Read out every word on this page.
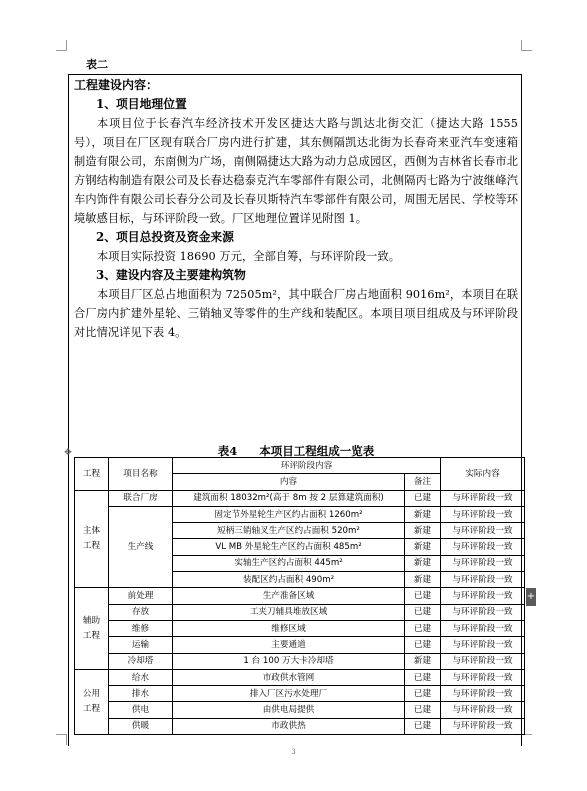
表二

工程建设内容：

1、项目地理位置

本项目位于长春汽车经济技术开发区捷达大路与凯达北街交汇（捷达大路 1555 号），项目在厂区现有联合厂房内进行扩建，其东侧隔凯达北街为长春奇来亚汽车变速箱制造有限公司，东南侧为广场，南侧隔捷达大路为动力总成园区，西侧为吉林省长春市北方钢结构制造有限公司及长春达稳泰克汽车零部件有限公司，北侧隔丙七路为宁波继峰汽车内饰件有限公司长春分公司及长春贝斯特汽车零部件有限公司，周围无居民、学校等环境敏感目标，与环评阶段一致。厂区地理位置详见附图 1。

2、项目总投资及资金来源

本项目实际投资 18690 万元，全部自筹，与环评阶段一致。

3、建设内容及主要建构筑物

本项目厂区总占地面积为 72505m²，其中联合厂房占地面积 9016m²，本项目在联合厂房内扩建外星轮、三销轴叉等零件的生产线和装配区。本项目项目组成及与环评阶段对比情况详见下表 4。

✥	表4 本项目工程组成一览表
工程	项目名称	环评阶段内容		实际内容
		内容	备注	
主体工程	联合厂房	建筑面积 18032m²(高于 8m 按 2 层算建筑面积)	已建	与环评阶段一致
	生产线	固定节外星轮生产区约占面积 1260m²	新建	与环评阶段一致
		短柄三销轴叉生产区约占面积 520m²	新建	与环评阶段一致
		VL MB 外星轮生产区约占面积 485m²	新建	与环评阶段一致
		实轴生产区约占面积 445m²	新建	与环评阶段一致
		装配区约占面积 490m²	新建	与环评阶段一致
辅助工程	前处理	生产准备区域	已建	与环评阶段一致
	存放	工夹刀辅具堆放区域	已建	与环评阶段一致
	维修	维修区域	已建	与环评阶段一致
	运输	主要通道	已建	与环评阶段一致
	冷却塔	1 台 100 万大卡冷却塔	新建	与环评阶段一致
公用工程	给水	市政供水管网	已建	与环评阶段一致
	排水	排入厂区污水处理厂	已建	与环评阶段一致
	供电	由供电局提供	已建	与环评阶段一致
	供暖	市政供热	已建	与环评阶段一致
+
3
